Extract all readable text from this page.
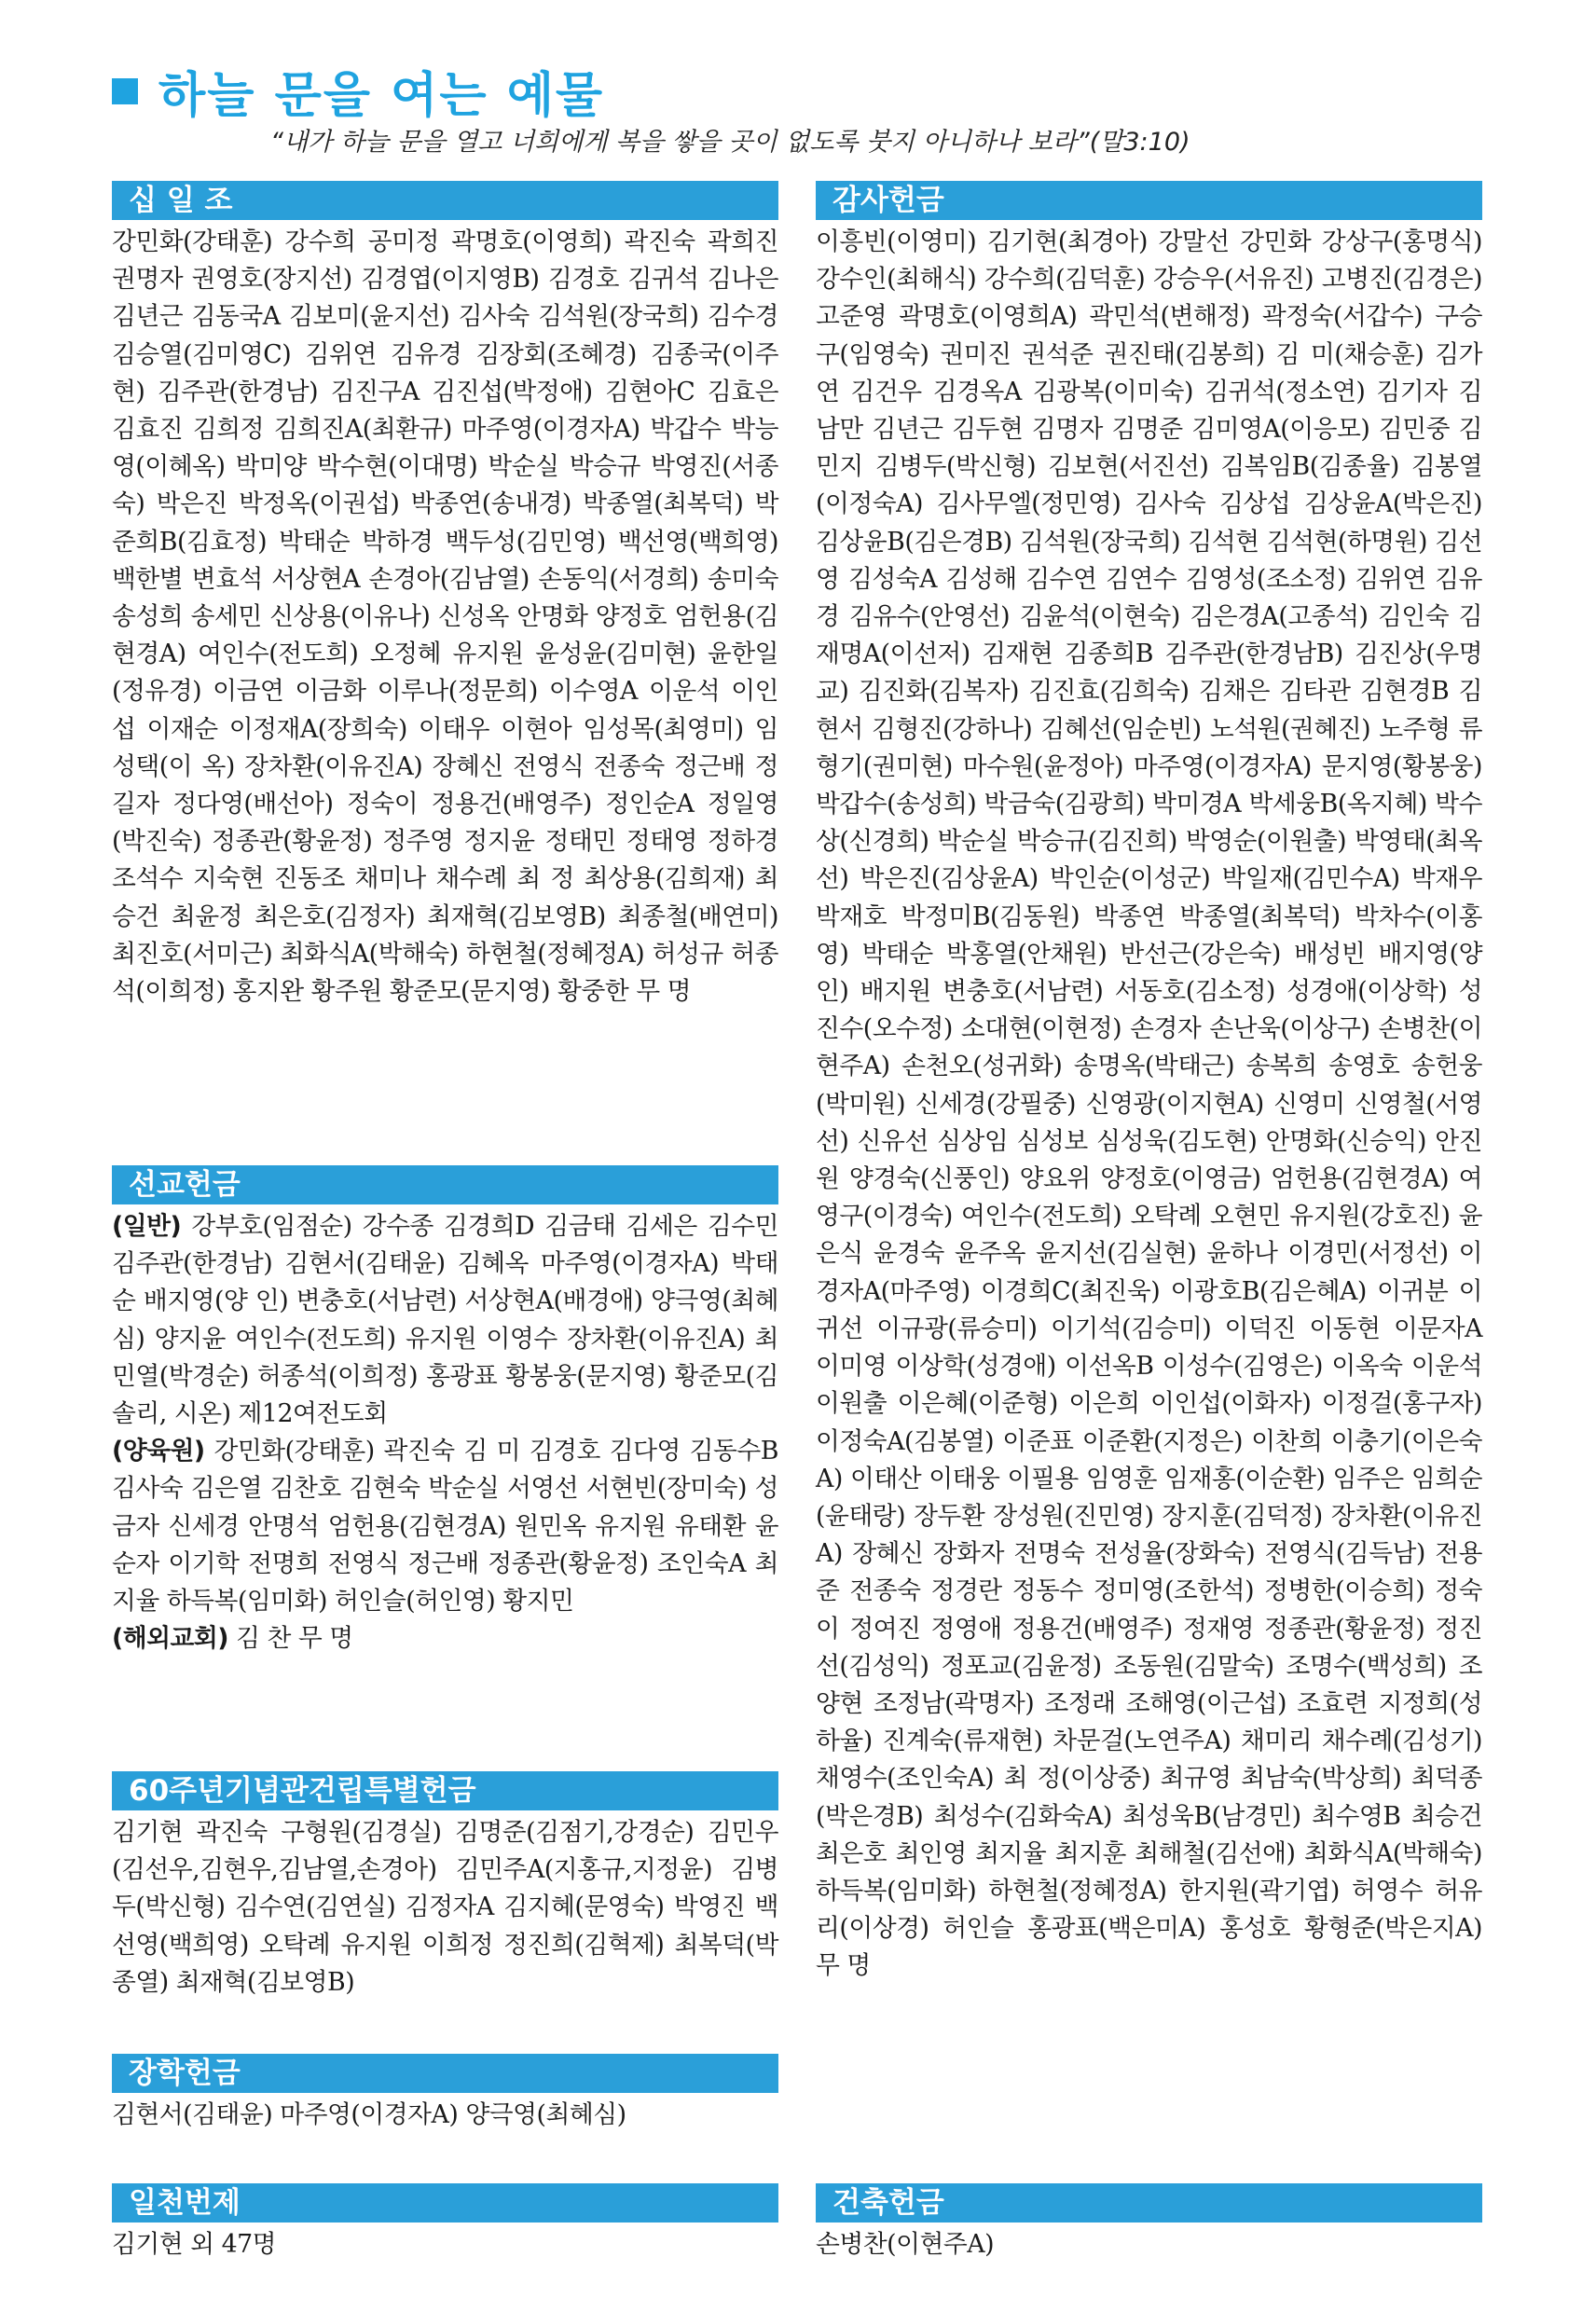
하늘 문을 여는 예물
“내가 하늘 문을 열고 너희에게 복을 쌓을 곳이 없도록 붓지 아니하나 보라”(말3:10)
십 일 조
강민화(강태훈) 강수희 공미정 곽명호(이영희) 곽진숙 곽희진 권명자 권영호(장지선) 김경엽(이지영B) 김경호 김귀석 김나은 김년근 김동국A 김보미(윤지선) 김사숙 김석원(장국희) 김수경 김승열(김미영C) 김위연 김유경 김장회(조혜경) 김종국(이주현) 김주관(한경남) 김진구A 김진섭(박정애) 김현아C 김효은 김효진 김희정 김희진A(최환규) 마주영(이경자A) 박갑수 박능영(이혜옥) 박미양 박수현(이대명) 박순실 박승규 박영진(서종숙) 박은진 박정옥(이권섭) 박종연(송내경) 박종열(최복덕) 박준희B(김효정) 박태순 박하경 백두성(김민영) 백선영(백희영) 백한별 변효석 서상현A 손경아(김남열) 손동익(서경희) 송미숙 송성희 송세민 신상용(이유나) 신성옥 안명화 양정호 엄헌용(김현경A) 여인수(전도희) 오정혜 유지원 윤성윤(김미현) 윤한일(정유경) 이금연 이금화 이루나(정문희) 이수영A 이운석 이인섭 이재순 이정재A(장희숙) 이태우 이현아 임성목(최영미) 임성택(이 옥) 장차환(이유진A) 장혜신 전영식 전종숙 정근배 정길자 정다영(배선아) 정숙이 정용건(배영주) 정인순A 정일영(박진숙) 정종관(황윤정) 정주영 정지윤 정태민 정태영 정하경 조석수 지숙현 진동조 채미나 채수례 최 정 최상용(김희재) 최승건 최윤정 최은호(김정자) 최재혁(김보영B) 최종철(배연미) 최진호(서미근) 최화식A(박해숙) 하현철(정혜정A) 허성규 허종석(이희정) 홍지완 황주원 황준모(문지영) 황중한 무 명
선교헌금
(일반) 강부호(임점순) 강수종 김경희D 김금태 김세은 김수민 김주관(한경남) 김현서(김태윤) 김혜옥 마주영(이경자A) 박태순 배지영(양 인) 변충호(서남련) 서상현A(배경애) 양극영(최혜심) 양지윤 여인수(전도희) 유지원 이영수 장차환(이유진A) 최민열(박경순) 허종석(이희정) 홍광표 황봉웅(문지영) 황준모(김솔리, 시온) 제12여전도회
(양육원) 강민화(강태훈) 곽진숙 김 미 김경호 김다영 김동수B 김사숙 김은열 김찬호 김현숙 박순실 서영선 서현빈(장미숙) 성금자 신세경 안명석 엄헌용(김현경A) 원민옥 유지원 유태환 윤순자 이기학 전명희 전영식 정근배 정종관(황윤정) 조인숙A 최지율 하득복(임미화) 허인슬(허인영) 황지민
(해외교회) 김 찬 무 명
60주년기념관건립특별헌금
김기현 곽진숙 구형원(김경실) 김명준(김점기,강경순) 김민우(김선우,김현우,김남열,손경아) 김민주A(지홍규,지정윤) 김병두(박신형) 김수연(김연실) 김정자A 김지혜(문영숙) 박영진 백선영(백희영) 오탁례 유지원 이희정 정진희(김혁제) 최복덕(박종열) 최재혁(김보영B)
장학헌금
김현서(김태윤) 마주영(이경자A) 양극영(최혜심)
일천번제
김기현 외 47명
감사헌금
이흥빈(이영미) 김기현(최경아) 강말선 강민화 강상구(홍명식) 강수인(최해식) 강수희(김덕훈) 강승우(서유진) 고병진(김경은) 고준영 곽명호(이영희A) 곽민석(변해정) 곽정숙(서갑수) 구승구(임영숙) 권미진 권석준 권진태(김봉희) 김 미(채승훈) 김가연 김건우 김경옥A 김광복(이미숙) 김귀석(정소연) 김기자 김남만 김년근 김두현 김명자 김명준 김미영A(이응모) 김민중 김민지 김병두(박신형) 김보현(서진선) 김복임B(김종율) 김봉열(이정숙A) 김사무엘(정민영) 김사숙 김상섭 김상윤A(박은진) 김상윤B(김은경B) 김석원(장국희) 김석현 김석현(하명원) 김선영 김성숙A 김성해 김수연 김연수 김영성(조소정) 김위연 김유경 김유수(안영선) 김윤석(이현숙) 김은경A(고종석) 김인숙 김재명A(이선저) 김재현 김종희B 김주관(한경남B) 김진상(우명교) 김진화(김복자) 김진효(김희숙) 김채은 김타관 김현경B 김현서 김형진(강하나) 김혜선(임순빈) 노석원(권혜진) 노주형 류형기(권미현) 마수원(윤정아) 마주영(이경자A) 문지영(황봉웅) 박갑수(송성희) 박금숙(김광희) 박미경A 박세웅B(옥지혜) 박수상(신경희) 박순실 박승규(김진희) 박영순(이원출) 박영태(최옥선) 박은진(김상윤A) 박인순(이성군) 박일재(김민수A) 박재우 박재호 박정미B(김동원) 박종연 박종열(최복덕) 박차수(이홍영) 박태순 박홍열(안채원) 반선근(강은숙) 배성빈 배지영(양 인) 배지원 변충호(서남련) 서동호(김소정) 성경애(이상학) 성진수(오수정) 소대현(이현정) 손경자 손난욱(이상구) 손병찬(이현주A) 손천오(성귀화) 송명옥(박태근) 송복희 송영호 송헌웅(박미원) 신세경(강필중) 신영광(이지현A) 신영미 신영철(서영선) 신유선 심상임 심성보 심성욱(김도현) 안명화(신승익) 안진원 양경숙(신풍인) 양요위 양정호(이영금) 엄헌용(김현경A) 여영구(이경숙) 여인수(전도희) 오탁례 오현민 유지원(강호진) 윤은식 윤경숙 윤주옥 윤지선(김실현) 윤하나 이경민(서정선) 이경자A(마주영) 이경희C(최진욱) 이광호B(김은혜A) 이귀분 이귀선 이규광(류승미) 이기석(김승미) 이덕진 이동현 이문자A 이미영 이상학(성경애) 이선옥B 이성수(김영은) 이옥숙 이운석 이원출 이은혜(이준형) 이은희 이인섭(이화자) 이정걸(홍구자) 이정숙A(김봉열) 이준표 이준환(지정은) 이찬희 이충기(이은숙A) 이태산 이태웅 이필용 임영훈 임재홍(이순환) 임주은 임희순(윤태랑) 장두환 장성원(진민영) 장지훈(김덕정) 장차환(이유진A) 장혜신 장화자 전명숙 전성율(장화숙) 전영식(김득남) 전용준 전종숙 정경란 정동수 정미영(조한석) 정병한(이승희) 정숙이 정여진 정영애 정용건(배영주) 정재영 정종관(황윤정) 정진선(김성익) 정포교(김윤정) 조동원(김말숙) 조명수(백성희) 조양현 조정남(곽명자) 조정래 조해영(이근섭) 조효련 지정희(성하율) 진계숙(류재현) 차문걸(노연주A) 채미리 채수례(김성기) 채영수(조인숙A) 최 정(이상중) 최규영 최남숙(박상희) 최덕종(박은경B) 최성수(김화숙A) 최성욱B(남경민) 최수영B 최승건 최은호 최인영 최지율 최지훈 최해철(김선애) 최화식A(박해숙) 하득복(임미화) 하현철(정혜정A) 한지원(곽기엽) 허영수 허유리(이상경) 허인슬 홍광표(백은미A) 홍성호 황형준(박은지A) 무 명
건축헌금
손병찬(이현주A)
